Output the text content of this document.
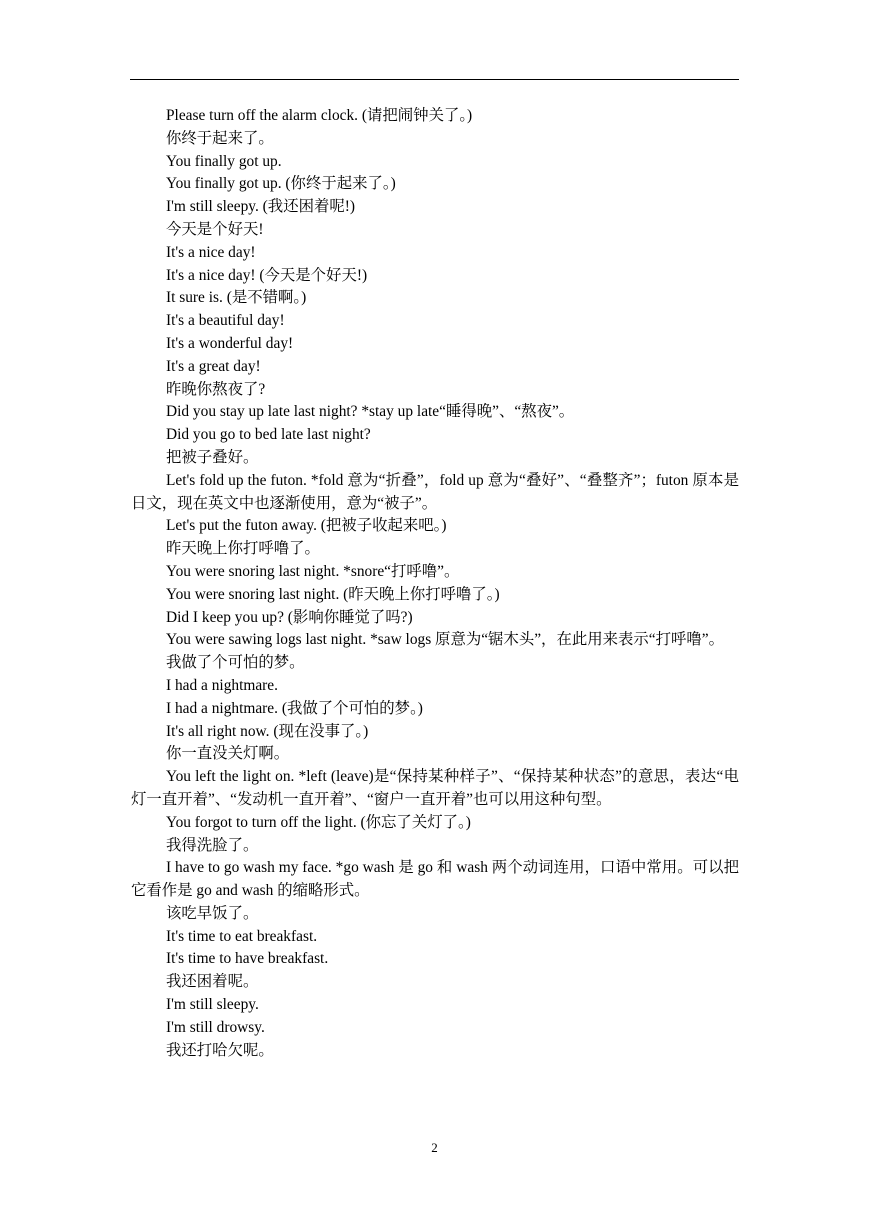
Please turn off the alarm clock. (请把闹钟关了。)

你终于起来了。

You finally got up.

You finally got up. (你终于起来了。)

I'm still sleepy. (我还困着呢!)

今天是个好天!

It's a nice day!

It's a nice day! (今天是个好天!)

It sure is. (是不错啊。)

It's a beautiful day!

It's a wonderful day!

It's a great day!

昨晚你熬夜了?

Did you stay up late last night? *stay up late“睡得晚”、“熬夜”。

Did you go to bed late last night?

把被子叠好。

Let's fold up the futon. *fold 意为“折叠”，fold up 意为“叠好”、“叠整齐”；futon 原本是日文，现在英文中也逐渐使用，意为“被子”。

Let's put the futon away. (把被子收起来吧。)

昨天晚上你打呼噜了。

You were snoring last night. *snore“打呼噜”。

You were snoring last night. (昨天晚上你打呼噜了。)

Did I keep you up? (影响你睡觉了吗?)

You were sawing logs last night. *saw logs 原意为“锯木头”，在此用来表示“打呼噜”。

我做了个可怕的梦。

I had a nightmare.

I had a nightmare. (我做了个可怕的梦。)

It's all right now. (现在没事了。)

你一直没关灯啊。

You left the light on. *left (leave)是“保持某种样子”、“保持某种状态”的意思，表达“电灯一直开着”、“发动机一直开着”、“窗户一直开着”也可以用这种句型。

You forgot to turn off the light. (你忘了关灯了。)

我得洗脸了。

I have to go wash my face. *go wash 是 go 和 wash 两个动词连用，口语中常用。可以把它看作是 go and wash 的缩略形式。

该吃早饭了。

It's time to eat breakfast.

It's time to have breakfast.

我还困着呢。

I'm still sleepy.

I'm still drowsy.

我还打哈欠呢。

2
